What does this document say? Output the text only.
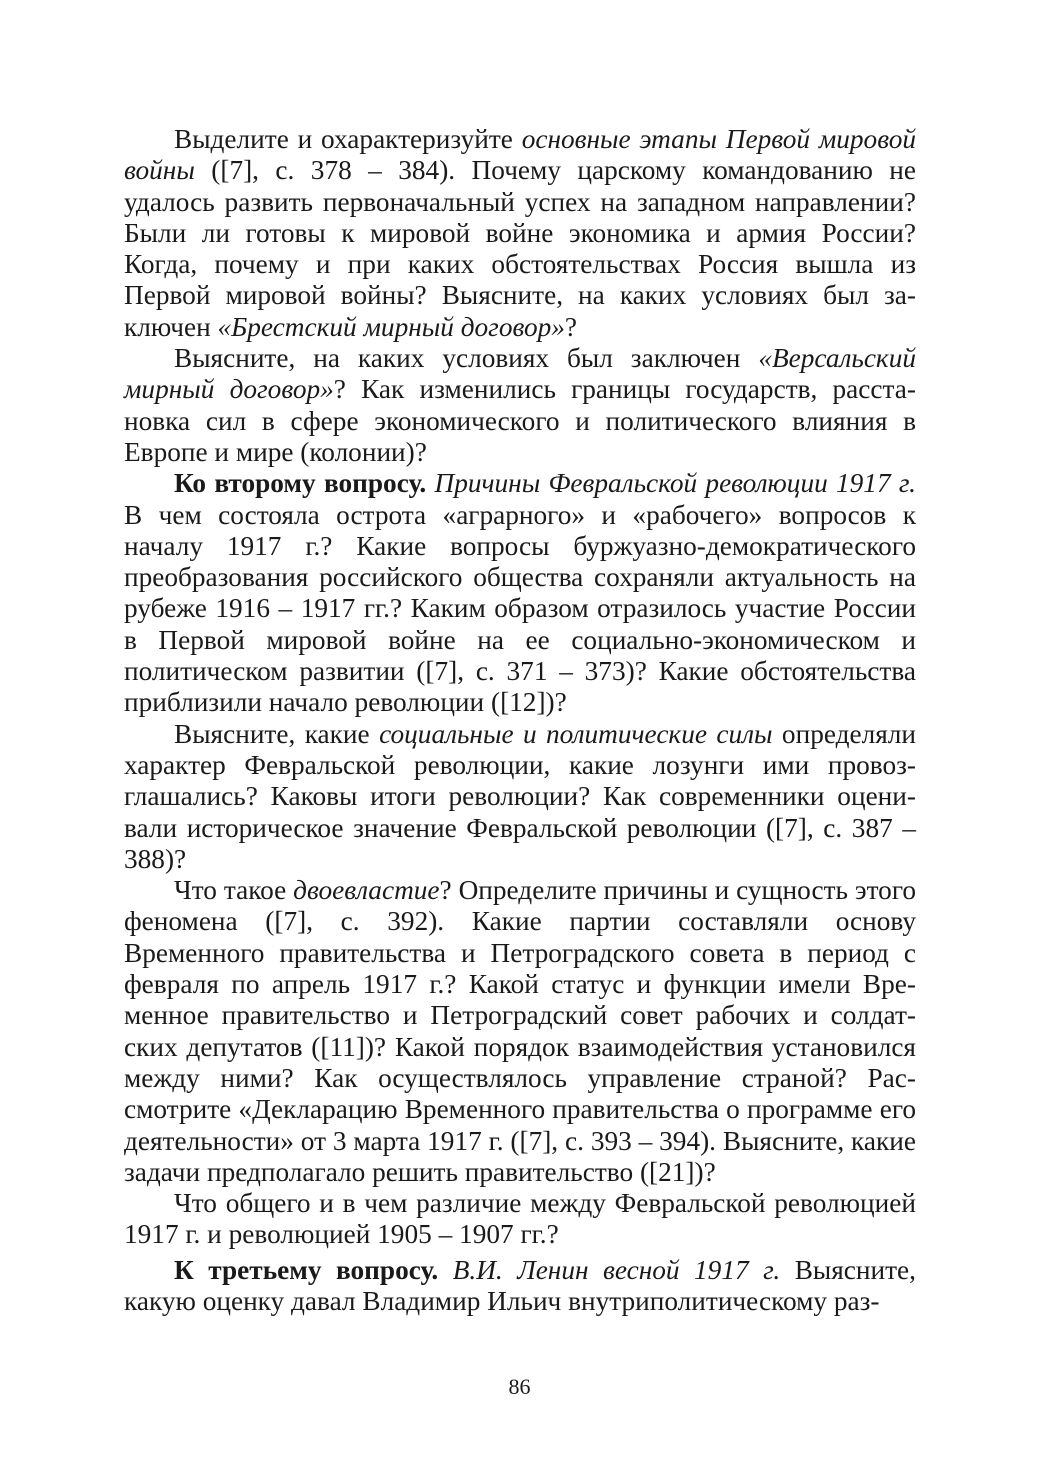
Выделите и охарактеризуйте основные этапы Первой мировой войны ([7], с. 378 – 384). Почему царскому командованию не удалось развить первоначальный успех на западном направлении? Были ли готовы к мировой войне экономика и армия России? Когда, почему и при каких обстоятельствах Россия вышла из Первой мировой войны? Выясните, на каких условиях был заключен «Брестский мирный договор»?

Выясните, на каких условиях был заключен «Версальский мирный договор»? Как изменились границы государств, расстановка сил в сфере экономического и политического влияния в Европе и мире (колонии)?

Ко второму вопросу. Причины Февральской революции 1917 г. В чем состояла острота «аграрного» и «рабочего» вопросов к началу 1917 г.? Какие вопросы буржуазно-демократического преобразования российского общества сохраняли актуальность на рубеже 1916 – 1917 гг.? Каким образом отразилось участие России в Первой мировой войне на ее социально-экономическом и политическом развитии ([7], с. 371 – 373)? Какие обстоятельства приблизили начало революции ([12])?

Выясните, какие социальные и политические силы определяли характер Февральской революции, какие лозунги ими провозглашались? Каковы итоги революции? Как современники оценивали историческое значение Февральской революции ([7], с. 387 – 388)?

Что такое двоевластие? Определите причины и сущность этого феномена ([7], с. 392). Какие партии составляли основу Временного правительства и Петроградского совета в период с февраля по апрель 1917 г.? Какой статус и функции имели Временное правительство и Петроградский совет рабочих и солдатских депутатов ([11])? Какой порядок взаимодействия установился между ними? Как осуществлялось управление страной? Рассмотрите «Декларацию Временного правительства о программе его деятельности» от 3 марта 1917 г. ([7], с. 393 – 394). Выясните, какие задачи предполагало решить правительство ([21])?

Что общего и в чем различие между Февральской революцией 1917 г. и революцией 1905 – 1907 гг.?

К третьему вопросу. В.И. Ленин весной 1917 г. Выясните, какую оценку давал Владимир Ильич внутриполитическому раз-

86
